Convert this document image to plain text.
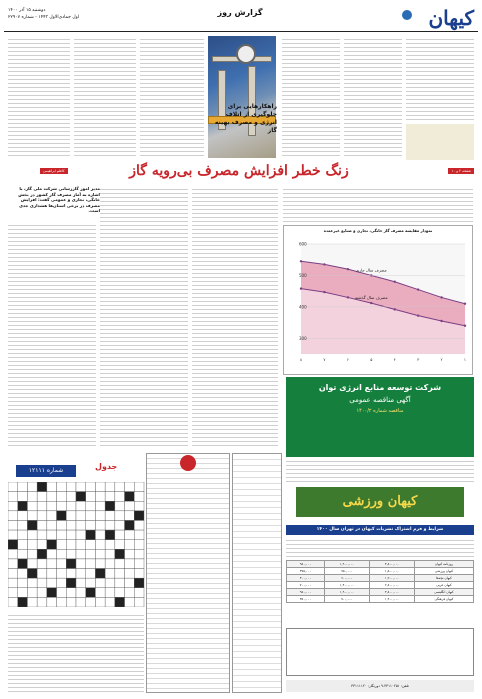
کیهان
گزارش روز
دوشنبه ۱۵ آذر ۱۴۰۰
اول جمادی‌الاول ۱۴۴۳ - شماره ۲۲۹۰۷
راهکارهایی برای جلوگیری از اتلاف انرژی و مصرف بهینه گاز
زنگ خطر افزایش مصرف بی‌رویه گاز	صفحه ۲ و ۱۰
کاظم ابراهیمی
مدیر امور گازرسانی شرکت ملی گاز، با اشاره به آمار مصرف گاز کشور در بخش خانگی، تجاری و عمومی گفت: افزایش مصرف در برخی استان‌ها هشداری جدی است.
نمودار مقایسه مصرف گاز خانگی، تجاری و صنایع غیرعمده
مصرف سال جاری
مصرف سال گذشته
۱
۲
۳
۴
۵
۶
۷
۸
300
400
500
600
شرکت توسعه منابع انرژی توان
آگهی مناقصه عمومی
مناقصه شماره ۱۴۰۰/۲
کیهان ورزشی
شرایط و فرم اشتراک نشریات کیهان در تهران سال ۱۴۰۰
روزنامه کیهان	۳,۸۰۰,۰۰۰	۱,۹۰۰,۰۰۰	۹۵۰,۰۰۰
کیهان ورزشی	۱,۵۰۰,۰۰۰	۷۵۰,۰۰۰	۳۷۵,۰۰۰
کیهان بچه‌ها	۱,۲۰۰,۰۰۰	۶۰۰,۰۰۰	۳۰۰,۰۰۰
کیهان عربی	۲,۸۰۰,۰۰۰	۱,۴۰۰,۰۰۰	۷۰۰,۰۰۰
کیهان انگلیسی	۳,۸۰۰,۰۰۰	۱,۹۰۰,۰۰۰	۹۵۰,۰۰۰
کیهان فرهنگی	۱,۴۰۰,۰۰۰	۷۰۰,۰۰۰	۳۵۰,۰۰۰
تلفن: ۳۳۱۱۰۲۵۱-۹ دورنگار: ۳۳۱۱۱۱۲۰
جدول
شماره ۱۲۱۱۱
